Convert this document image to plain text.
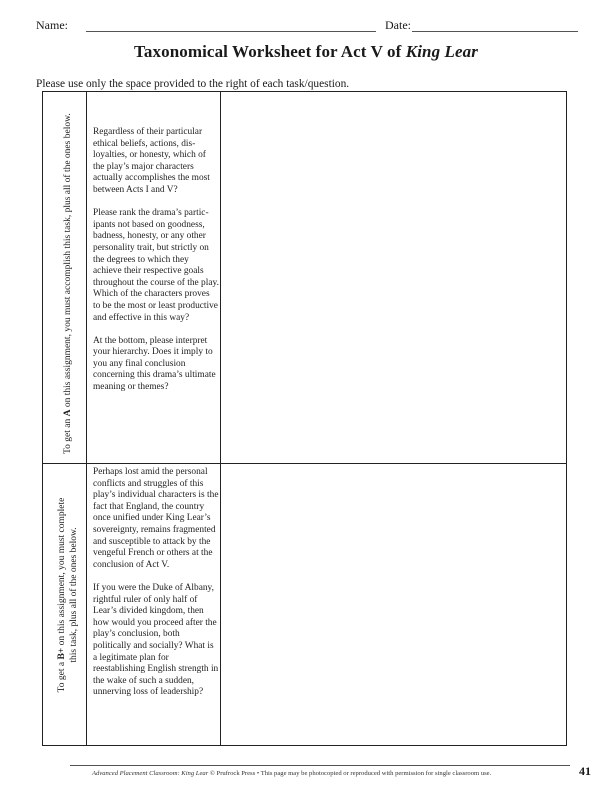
Name:	Date:
Taxonomical Worksheet for Act V of King Lear
Please use only the space provided to the right of each task/question.
To get an A on this assignment, you must accomplish this task, plus all of the ones below. Regardless of their particular ethical beliefs, actions, disloyalties, or honesty, which of the play’s major characters actually accomplishes the most between Acts I and V?

Please rank the drama’s participants not based on goodness, badness, honesty, or any other personality trait, but strictly on the degrees to which they achieve their respective goals throughout the course of the play. Which of the characters proves to be the most or least productive and effective in this way?

At the bottom, please interpret your hierarchy. Does it imply to you any final conclusion concerning this drama’s ultimate meaning or themes?

To get a B+ on this assignment, you must complete this task, plus all of the ones below.

Perhaps lost amid the personal conflicts and struggles of this play’s individual characters is the fact that England, the country once unified under King Lear’s sovereignty, remains fragmented and susceptible to attack by the vengeful French or others at the conclusion of Act V.

If you were the Duke of Albany, rightful ruler of only half of Lear’s divided kingdom, then how would you proceed after the play’s conclusion, both politically and socially? What is a legitimate plan for reestablishing English strength in the wake of such a sudden, unnerving loss of leadership?

Advanced Placement Classroom: King Lear © Prufrock Press • This page may be photocopied or reproduced with permission for single classroom use.	41
